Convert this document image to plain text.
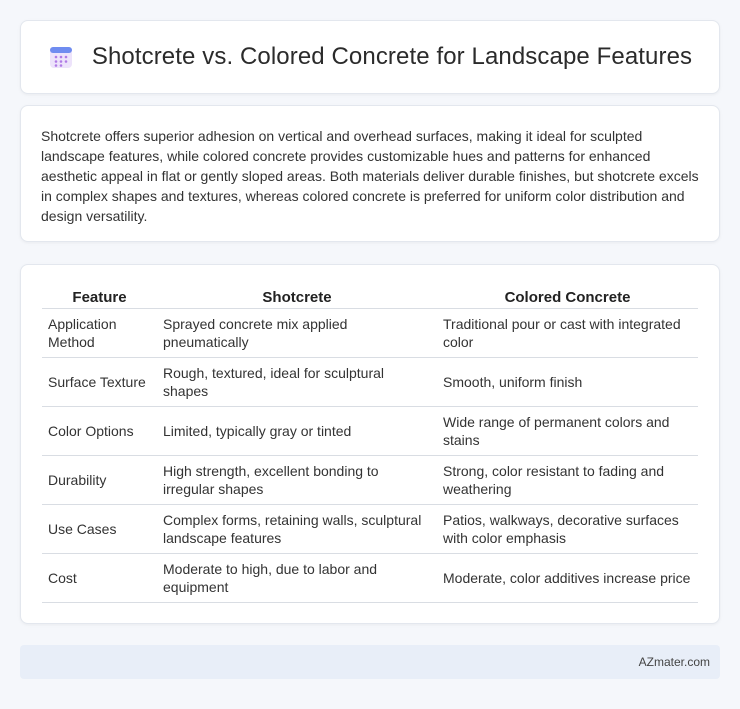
Shotcrete vs. Colored Concrete for Landscape Features

Shotcrete offers superior adhesion on vertical and overhead surfaces, making it ideal for sculpted landscape features, while colored concrete provides customizable hues and patterns for enhanced aesthetic appeal in flat or gently sloped areas. Both materials deliver durable finishes, but shotcrete excels in complex shapes and textures, whereas colored concrete is preferred for uniform color distribution and design versatility.

Feature	Shotcrete	Colored Concrete
Application Method	Sprayed concrete mix applied pneumatically	Traditional pour or cast with integrated color
Surface Texture	Rough, textured, ideal for sculptural shapes	Smooth, uniform finish
Color Options	Limited, typically gray or tinted	Wide range of permanent colors and stains
Durability	High strength, excellent bonding to irregular shapes	Strong, color resistant to fading and weathering
Use Cases	Complex forms, retaining walls, sculptural landscape features	Patios, walkways, decorative surfaces with color emphasis
Cost	Moderate to high, due to labor and equipment	Moderate, color additives increase price
AZmater.com
